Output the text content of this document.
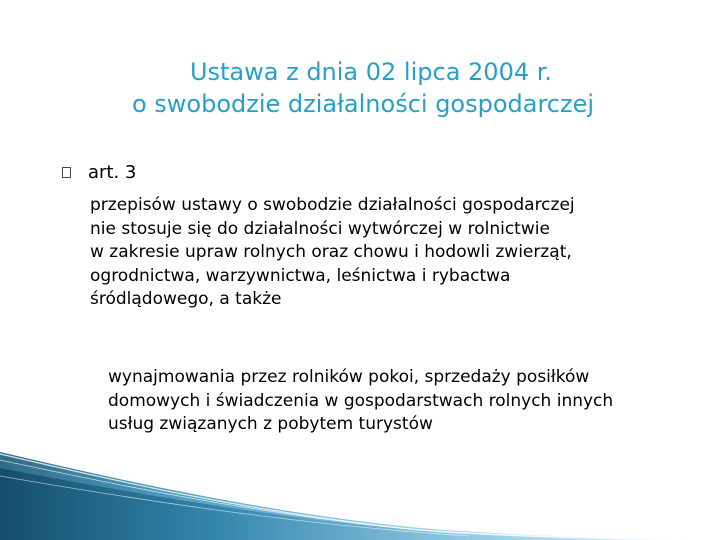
Ustawa z dnia 02 lipca 2004 r.
o swobodzie działalności gospodarczej
art. 3
przepisów ustawy o swobodzie działalności gospodarczej
nie stosuje się do działalności wytwórczej w rolnictwie
w zakresie upraw rolnych oraz chowu i hodowli zwierząt,
ogrodnictwa, warzywnictwa, leśnictwa i rybactwa
śródlądowego, a także
wynajmowania przez rolników pokoi, sprzedaży posiłków
domowych i świadczenia w gospodarstwach rolnych innych
usług związanych z pobytem turystów
